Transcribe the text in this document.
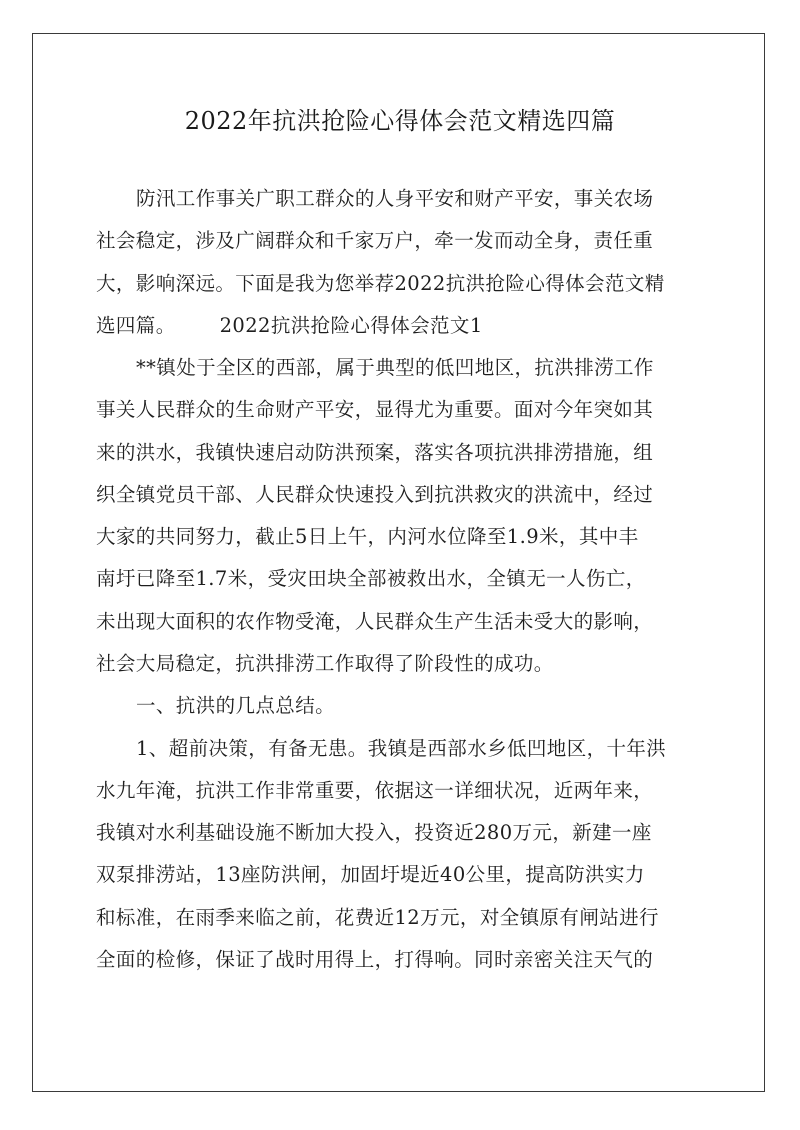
2022年抗洪抢险心得体会范文精选四篇

防汛工作事关广职工群众的人身平安和财产平安，事关农场

社会稳定，涉及广阔群众和千家万户，牵一发而动全身，责任重

大，影响深远。下面是我为您举荐2022抗洪抢险心得体会范文精

选四篇。 2022抗洪抢险心得体会范文1

**镇处于全区的西部，属于典型的低凹地区，抗洪排涝工作

事关人民群众的生命财产平安，显得尤为重要。面对今年突如其

来的洪水，我镇快速启动防洪预案，落实各项抗洪排涝措施，组

织全镇党员干部、人民群众快速投入到抗洪救灾的洪流中，经过

大家的共同努力，截止5日上午，内河水位降至1.9米，其中丰

南圩已降至1.7米，受灾田块全部被救出水，全镇无一人伤亡，

未出现大面积的农作物受淹，人民群众生产生活未受大的影响，

社会大局稳定，抗洪排涝工作取得了阶段性的成功。

一、抗洪的几点总结。

1、超前决策，有备无患。我镇是西部水乡低凹地区，十年洪

水九年淹，抗洪工作非常重要，依据这一详细状况，近两年来，

我镇对水利基础设施不断加大投入，投资近280万元，新建一座

双泵排涝站，13座防洪闸，加固圩堤近40公里，提高防洪实力

和标准，在雨季来临之前，花费近12万元，对全镇原有闸站进行

全面的检修，保证了战时用得上，打得响。同时亲密关注天气的
